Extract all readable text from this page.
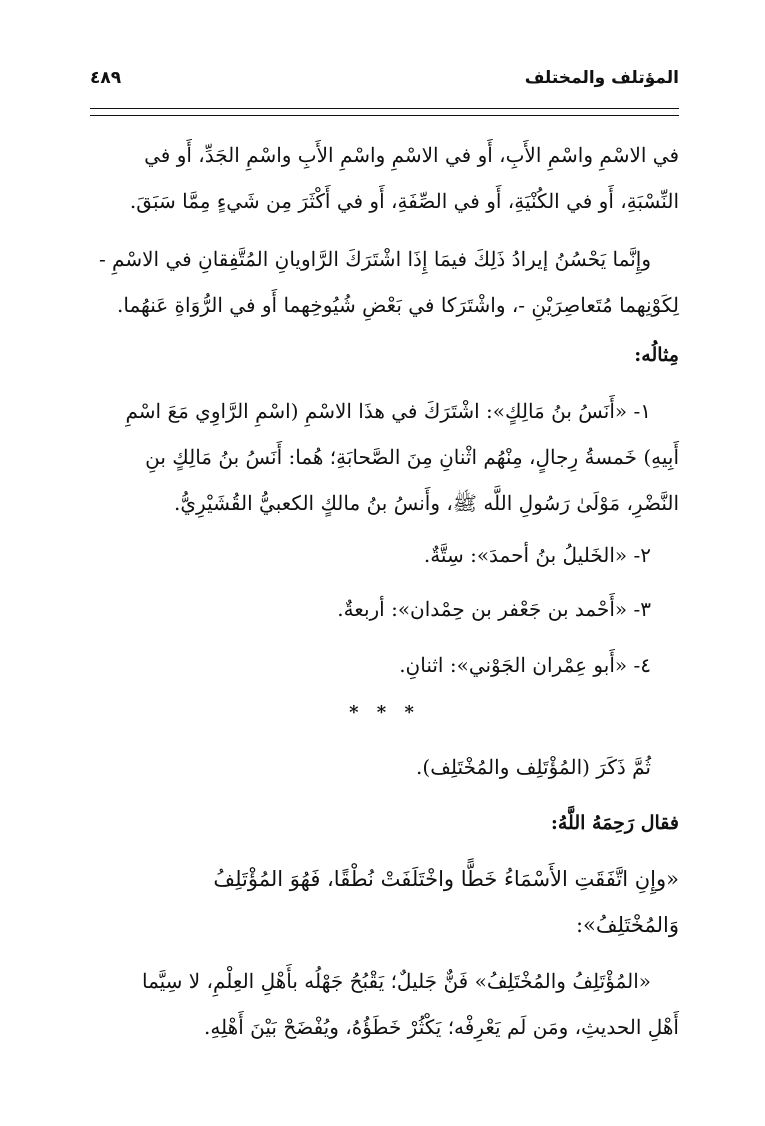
المؤتلف والمختلف
٤٨٩
في الاسْمِ واسْمِ الأَبِ، أَو في الاسْمِ واسْمِ الأَبِ واسْمِ الجَدِّ، أَو في
النِّسْبَةِ، أَو في الكُنْيَةِ، أَو في الصِّفَةِ، أَو في أَكْثَرَ مِن شَيءٍ مِمَّا سَبَقَ.
وإِنَّما يَحْسُنُ إيرادُ ذَلِكَ فيمَا إِذَا اشْتَرَكَ الرَّاويانِ المُتَّفِقانِ في الاسْمِ -
لِكَوْنِهما مُتَعاصِرَيْنِ -، واشْتَرَكا في بَعْضِ شُيُوخِهما أَو في الرُّوَاةِ عَنهُما.
مِثالُه:
١- «أَنَسُ بنُ مَالِكٍ»: اشْتَرَكَ في هذَا الاسْمِ (اسْمِ الرَّاوِي مَعَ اسْمِ
أَبِيهِ) خَمسةُ رِجالٍ، مِنْهُم اثْنانِ مِنَ الصَّحابَةِ؛ هُما: أَنَسُ بنُ مَالِكٍ بنِ
النَّضْرِ، مَوْلَىٰ رَسُولِ اللَّه ﷺ، وأَنسُ بنُ مالكٍ الكعبيُّ القُشَيْرِيُّ.
٢- «الخَليلُ بنُ أحمدَ»: سِتَّةٌ.
٣- «أَحْمد بن جَعْفر بن حِمْدان»: أربعةٌ.
٤- «أَبو عِمْران الجَوْني»: اثنانِ.
* * *
ثُمَّ ذَكَرَ (المُؤْتَلِف والمُخْتَلِف).
فقال رَحِمَهُ اللَّهُ:
«وإِنِ اتَّفَقَتِ الأَسْمَاءُ خَطًّا واخْتَلَفَتْ نُطْقًا، فَهُوَ المُؤْتَلِفُ
وَالمُخْتَلِفُ»:
«المُؤْتَلِفُ والمُخْتَلِفُ» فَنٌّ جَليلٌ؛ يَقْبُحُ جَهْلُه بأَهْلِ العِلْمِ، لا سِيَّما
أَهْلِ الحديثِ، ومَن لَم يَعْرِفْه؛ يَكْثُرْ خَطَؤُهُ، ويُفْضَحْ بَيْنَ أَهْلِهِ.
